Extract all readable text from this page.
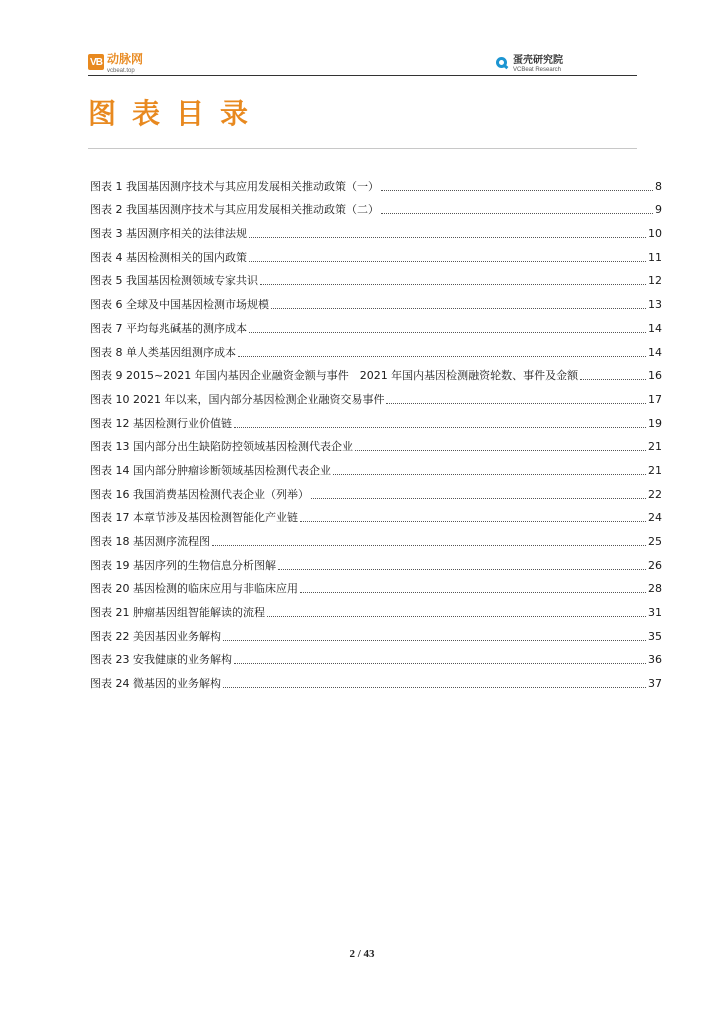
VB 动脉网
vcbeat.top
蛋壳研究院
VCBeat Research
图表目录
图表 1 我国基因测序技术与其应用发展相关推动政策（一）	8
图表 2 我国基因测序技术与其应用发展相关推动政策（二）	9
图表 3 基因测序相关的法律法规	10
图表 4 基因检测相关的国内政策	11
图表 5 我国基因检测领域专家共识	12
图表 6 全球及中国基因检测市场规模	13
图表 7 平均每兆碱基的测序成本	14
图表 8 单人类基因组测序成本	14
图表 9 2015~2021 年国内基因企业融资金额与事件　2021 年国内基因检测融资轮数、事件及金额	16
图表 10 2021 年以来，国内部分基因检测企业融资交易事件	17
图表 12 基因检测行业价值链	19
图表 13 国内部分出生缺陷防控领域基因检测代表企业	21
图表 14 国内部分肿瘤诊断领域基因检测代表企业	21
图表 16 我国消费基因检测代表企业（列举）	22
图表 17 本章节涉及基因检测智能化产业链	24
图表 18 基因测序流程图	25
图表 19 基因序列的生物信息分析图解	26
图表 20 基因检测的临床应用与非临床应用	28
图表 21 肿瘤基因组智能解读的流程	31
图表 22 美因基因业务解构	35
图表 23 安我健康的业务解构	36
图表 24 微基因的业务解构	37
2 / 43
